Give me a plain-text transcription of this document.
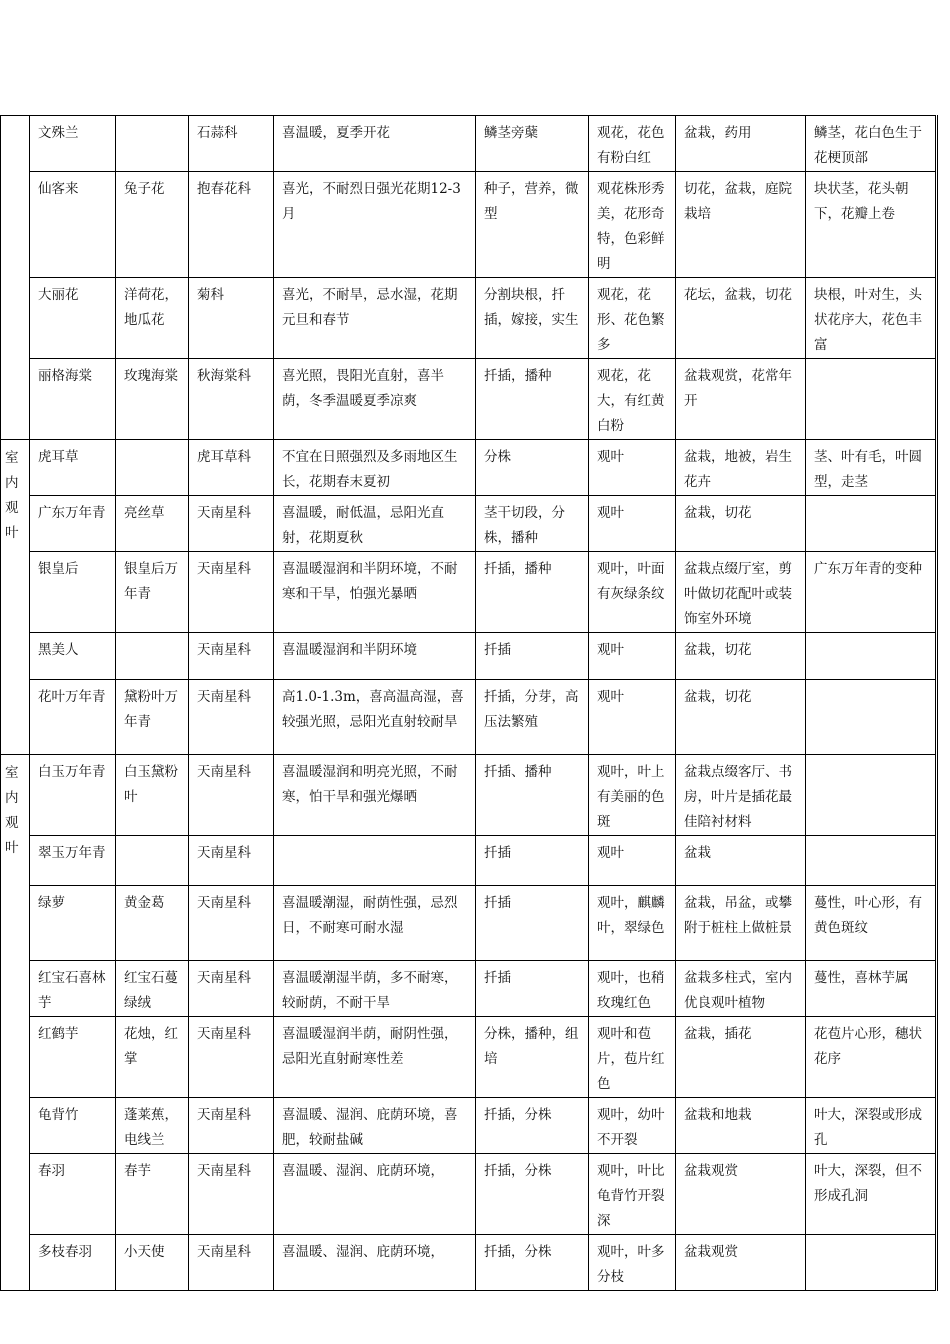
	文殊兰		石蒜科	喜温暖，夏季开花	鳞茎旁蘖	观花，花色有粉白红	盆栽，药用	鳞茎，花白色生于花梗顶部
	仙客来	兔子花	抱春花科	喜光，不耐烈日强光花期12-3月	种子，营养，微型	观花株形秀美，花形奇特，色彩鲜明	切花，盆栽，庭院栽培	块状茎，花头朝下，花瓣上卷
	大丽花	洋荷花，地瓜花	菊科	喜光，不耐旱，忌水湿，花期元旦和春节	分割块根，扦插，嫁接，实生	观花，花形、花色繁多	花坛，盆栽，切花	块根，叶对生，头状花序大，花色丰富
	丽格海棠	玫瑰海棠	秋海棠科	喜光照，畏阳光直射，喜半荫，冬季温暖夏季凉爽	扦插，播种	观花，花大，有红黄白粉	盆栽观赏，花常年开	

室内观叶	虎耳草		虎耳草科	不宜在日照强烈及多雨地区生长，花期春末夏初	分株	观叶	盆栽，地被，岩生花卉	茎、叶有毛，叶圆型，走茎
	广东万年青	亮丝草	天南星科	喜温暖，耐低温，忌阳光直射，花期夏秋	茎干切段，分株，播种	观叶	盆栽，切花	
	银皇后	银皇后万年青	天南星科	喜温暖湿润和半阴环境，不耐寒和干旱，怕强光暴晒	扦插，播种	观叶，叶面有灰绿条纹	盆栽点缀厅室，剪叶做切花配叶或装饰室外环境	广东万年青的变种
	黑美人		天南星科	喜温暖湿润和半阴环境	扦插	观叶	盆栽，切花	
	花叶万年青	黛粉叶万年青	天南星科	高1.0-1.3m，喜高温高湿，喜较强光照，忌阳光直射较耐旱	扦插，分芽，高压法繁殖	观叶	盆栽，切花	

室内观叶	白玉万年青	白玉黛粉叶	天南星科	喜温暖湿润和明亮光照，不耐寒，怕干旱和强光爆晒	扦插、播种	观叶，叶上有美丽的色斑	盆栽点缀客厅、书房，叶片是插花最佳陪衬材料	
	翠玉万年青		天南星科		扦插	观叶	盆栽	
	绿萝	黄金葛	天南星科	喜温暖潮湿，耐荫性强，忌烈日，不耐寒可耐水湿	扦插	观叶，麒麟叶，翠绿色	盆栽，吊盆，或攀附于桩柱上做桩景	蔓性，叶心形，有黄色斑纹
	红宝石喜林芋	红宝石蔓绿绒	天南星科	喜温暖潮湿半荫，多不耐寒，较耐荫，不耐干旱	扦插	观叶，也稍玫瑰红色	盆栽多柱式，室内优良观叶植物	蔓性，喜林芋属
	红鹤芋	花烛，红掌	天南星科	喜温暖湿润半荫，耐阴性强，忌阳光直射耐寒性差	分株，播种，组培	观叶和苞片，苞片红色	盆栽，插花	花苞片心形，穗状花序
	龟背竹	蓬莱蕉，电线兰	天南星科	喜温暖、湿润、庇荫环境，喜肥，较耐盐碱	扦插，分株	观叶，幼叶不开裂	盆栽和地栽	叶大，深裂或形成孔
	春羽	春芋	天南星科	喜温暖、湿润、庇荫环境，	扦插，分株	观叶，叶比龟背竹开裂深	盆栽观赏	叶大，深裂，但不形成孔洞
	多枝春羽	小天使	天南星科	喜温暖、湿润、庇荫环境，	扦插，分株	观叶，叶多分枝	盆栽观赏	
